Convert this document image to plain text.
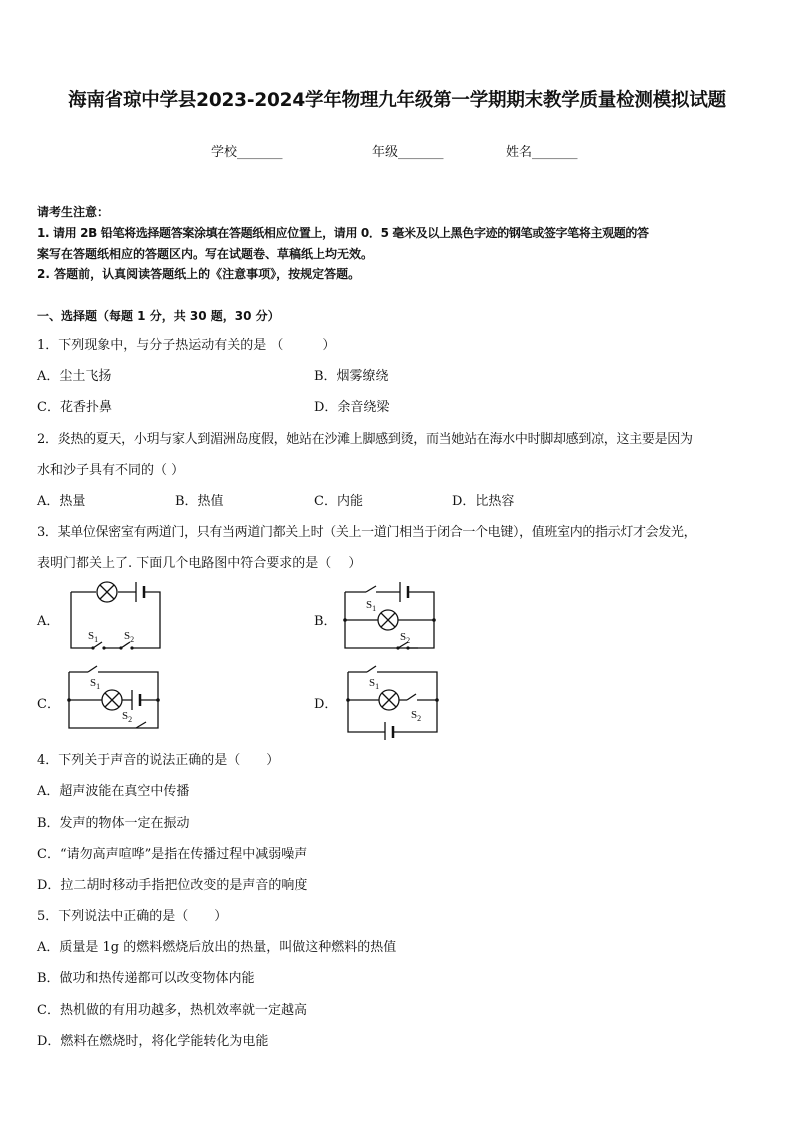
海南省琼中学县2023-2024学年物理九年级第一学期期末教学质量检测模拟试题
学校_______	年级_______	姓名_______
请考生注意：
1. 请用 2B 铅笔将选择题答案涂填在答题纸相应位置上，请用 0．5 毫米及以上黑色字迹的钢笔或签字笔将主观题的答
案写在答题纸相应的答题区内。写在试题卷、草稿纸上均无效。
2. 答题前，认真阅读答题纸上的《注意事项》，按规定答题。
一、选择题（每题 1 分，共 30 题，30 分）
1．下列现象中，与分子热运动有关的是 （　　　）
A．尘土飞扬	B．烟雾缭绕
C．花香扑鼻	D．余音绕梁
2．炎热的夏天，小玥与家人到湄洲岛度假，她站在沙滩上脚感到烫，而当她站在海水中时脚却感到凉，这主要是因为
水和沙子具有不同的（ ）
A．热量	B．热值	C．内能	D．比热容
3．某单位保密室有两道门，只有当两道门都关上时（关上一道门相当于闭合一个电键），值班室内的指示灯才会发光，
表明门都关上了. 下面几个电路图中符合要求的是（　 ）
A．	B．
C．	D．
$S_1$ $S_2$
$S_1$
$S_2$
$S_1$
$S_2$
$S_1$
$S_2$
4．下列关于声音的说法正确的是（　　）
A．超声波能在真空中传播
B．发声的物体一定在振动
C．“请勿高声喧哗”是指在传播过程中减弱噪声
D．拉二胡时移动手指把位改变的是声音的响度
5．下列说法中正确的是（　　）
A．质量是 1g 的燃料燃烧后放出的热量，叫做这种燃料的热值
B．做功和热传递都可以改变物体内能
C．热机做的有用功越多，热机效率就一定越高
D．燃料在燃烧时，将化学能转化为电能
